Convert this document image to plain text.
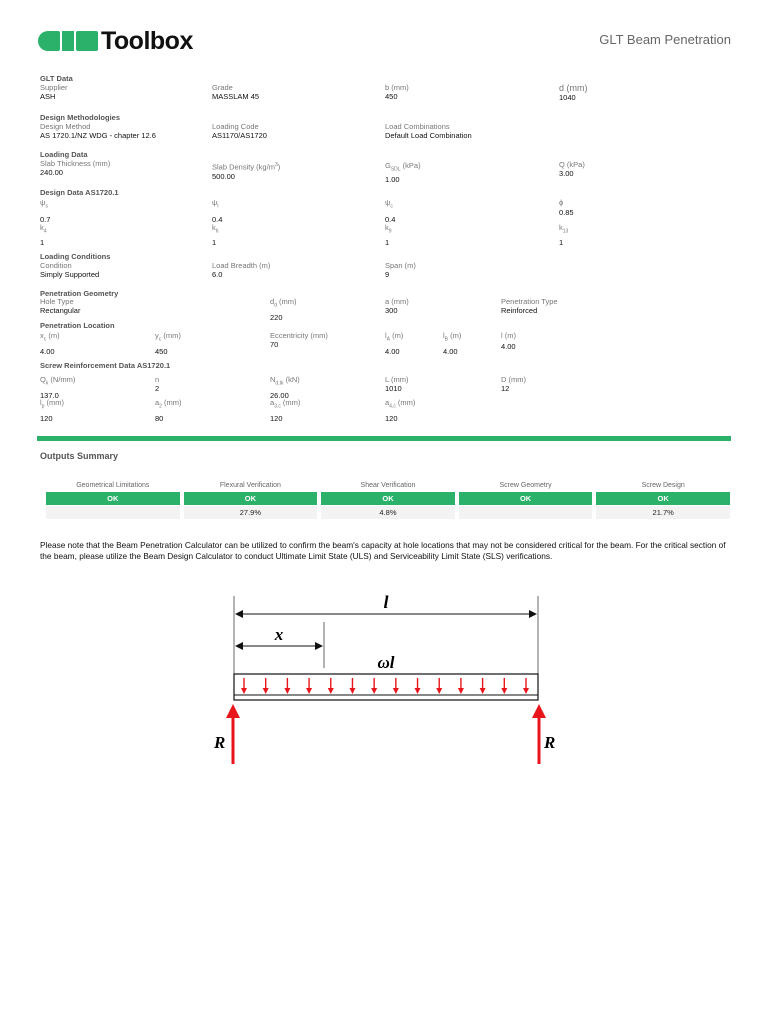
Toolbox	GLT Beam Penetration
GLT Data
Supplier
ASH
Grade
MASSLAM 45
b (mm)
450
d (mm)
1040
Design Methodologies
Design Method
AS 1720.1/NZ WDG - chapter 12.6
Loading Code
AS1170/AS1720
Load Combinations
Default Load Combination
Loading Data
Slab Thickness (mm)
240.00
Slab Density $(kg/m^3)$
500.00
$G_{SDL}$ (kPa)
1.00
Q (kPa)
3.00
Design Data AS1720.1
$\psi_s$
0.7
$\psi_l$
0.4
$\psi_c$
0.4
ϕ
0.85
$k_4$
1
$k_6$
1
$k_9$
1
$k_{13}$
1
Loading Conditions
Condition
Simply Supported
Load Breadth (m)
6.0
Span (m)
9
Penetration Geometry
Hole Type
Rectangular
$d_d$ (mm)
220
a (mm)
300
Penetration Type
Reinforced
Penetration Location
$x_c$ (m)
4.00
$y_c$ (mm)
450
Eccentricity (mm)
70
$l_A$ (m)
4.00
$l_B$ (m)
4.00
l (m)
4.00
Screw Reinforcement Data AS1720.1
$Q_k$ (N/mm)
137.0
n
2
$N_{d,tk}$ (kN)
26.00
L (mm)
1010
D (mm)
12
$l_p$ (mm)
120
$a_2$ (mm)
80
$a_{3,c}$ (mm)
120
$a_{4,c}$ (mm)
120
Outputs Summary
Geometrical Limitations
OK
Flexural Verification
OK
27.9%
Shear Verification
OK
4.8%
Screw Geometry
OK
Screw Design
OK
21.7%
Please note that the Beam Penetration Calculator can be utilized to confirm the beam's capacity at hole locations that may not be considered critical for the beam. For the critical section of the beam, please utilize the Beam Design Calculator to conduct Ultimate Limit State (ULS) and Serviceability Limit State (SLS) verifications.
l
x
ωl
R	R
